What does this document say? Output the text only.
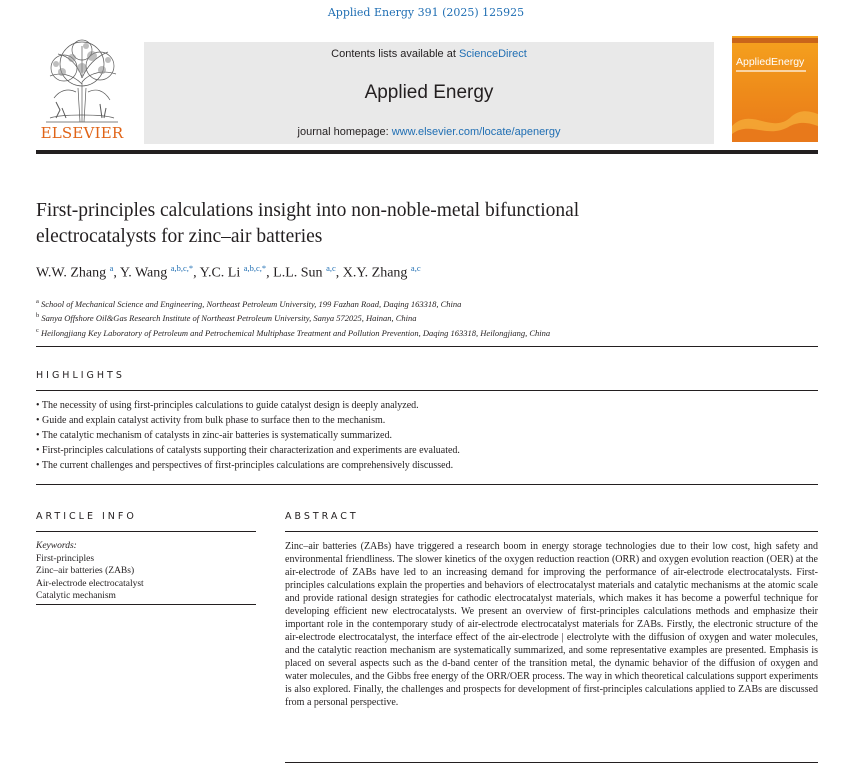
Applied Energy 391 (2025) 125925
ELSEVIER
Contents lists available at ScienceDirect
Applied Energy
journal homepage: www.elsevier.com/locate/apenergy
AppliedEnergy
First-principles calculations insight into non-noble-metal bifunctional
electrocatalysts for zinc–air batteries
W.W. Zhang $^a$, Y. Wang $^{a,b,c,*}$, Y.C. Li $^{a,b,c,*}$, L.L. Sun $^{a,c}$, X.Y. Zhang $^{a,c}$
$^a$ School of Mechanical Science and Engineering, Northeast Petroleum University, 199 Fazhan Road, Daqing 163318, China
$^b$ Sanya Offshore Oil&Gas Research Institute of Northeast Petroleum University, Sanya 572025, Hainan, China
$^c$ Heilongjiang Key Laboratory of Petroleum and Petrochemical Multiphase Treatment and Pollution Prevention, Daqing 163318, Heilongjiang, China
HIGHLIGHTS
• The necessity of using first-principles calculations to guide catalyst design is deeply analyzed.
• Guide and explain catalyst activity from bulk phase to surface then to the mechanism.
• The catalytic mechanism of catalysts in zinc-air batteries is systematically summarized.
• First-principles calculations of catalysts supporting their characterization and experiments are evaluated.
• The current challenges and perspectives of first-principles calculations are comprehensively discussed.
ARTICLE INFO	ABSTRACT
Keywords:
First-principles
Zinc–air batteries (ZABs)
Air-electrode electrocatalyst
Catalytic mechanism
Zinc–air batteries (ZABs) have triggered a research boom in energy storage technologies due to their low cost, high safety and environmental friendliness. The slower kinetics of the oxygen reduction reaction (ORR) and oxygen evolution reaction (OER) at the air-electrode of ZABs have led to an increasing demand for improving the performance of air-electrode electrocatalysts. First-principles calculations explain the properties and behaviors of electrocatalyst materials and catalytic mechanisms at the atomic scale and provide rational design strategies for cathodic electrocatalyst materials, which makes it has become a powerful technique for developing efficient new electrocatalysts. We present an overview of first-principles calculations methods and emphasize their important role in the contemporary study of air-electrode electrocatalyst materials for ZABs. Firstly, the electronic structure of the air-electrode electrocatalyst, the interface effect of the air-electrode | electrolyte with the diffusion of oxygen and water molecules, and the catalytic reaction mechanism are systematically summarized, and some representative examples are presented. Emphasis is placed on several aspects such as the d-band center of the transition metal, the dynamic behavior of the diffusion of oxygen and water molecules, and the Gibbs free energy of the ORR/OER process. The way in which theoretical calculations support experiments is also explored. Finally, the challenges and prospects for development of first-principles calculations applied to ZABs are discussed from a personal perspective.
